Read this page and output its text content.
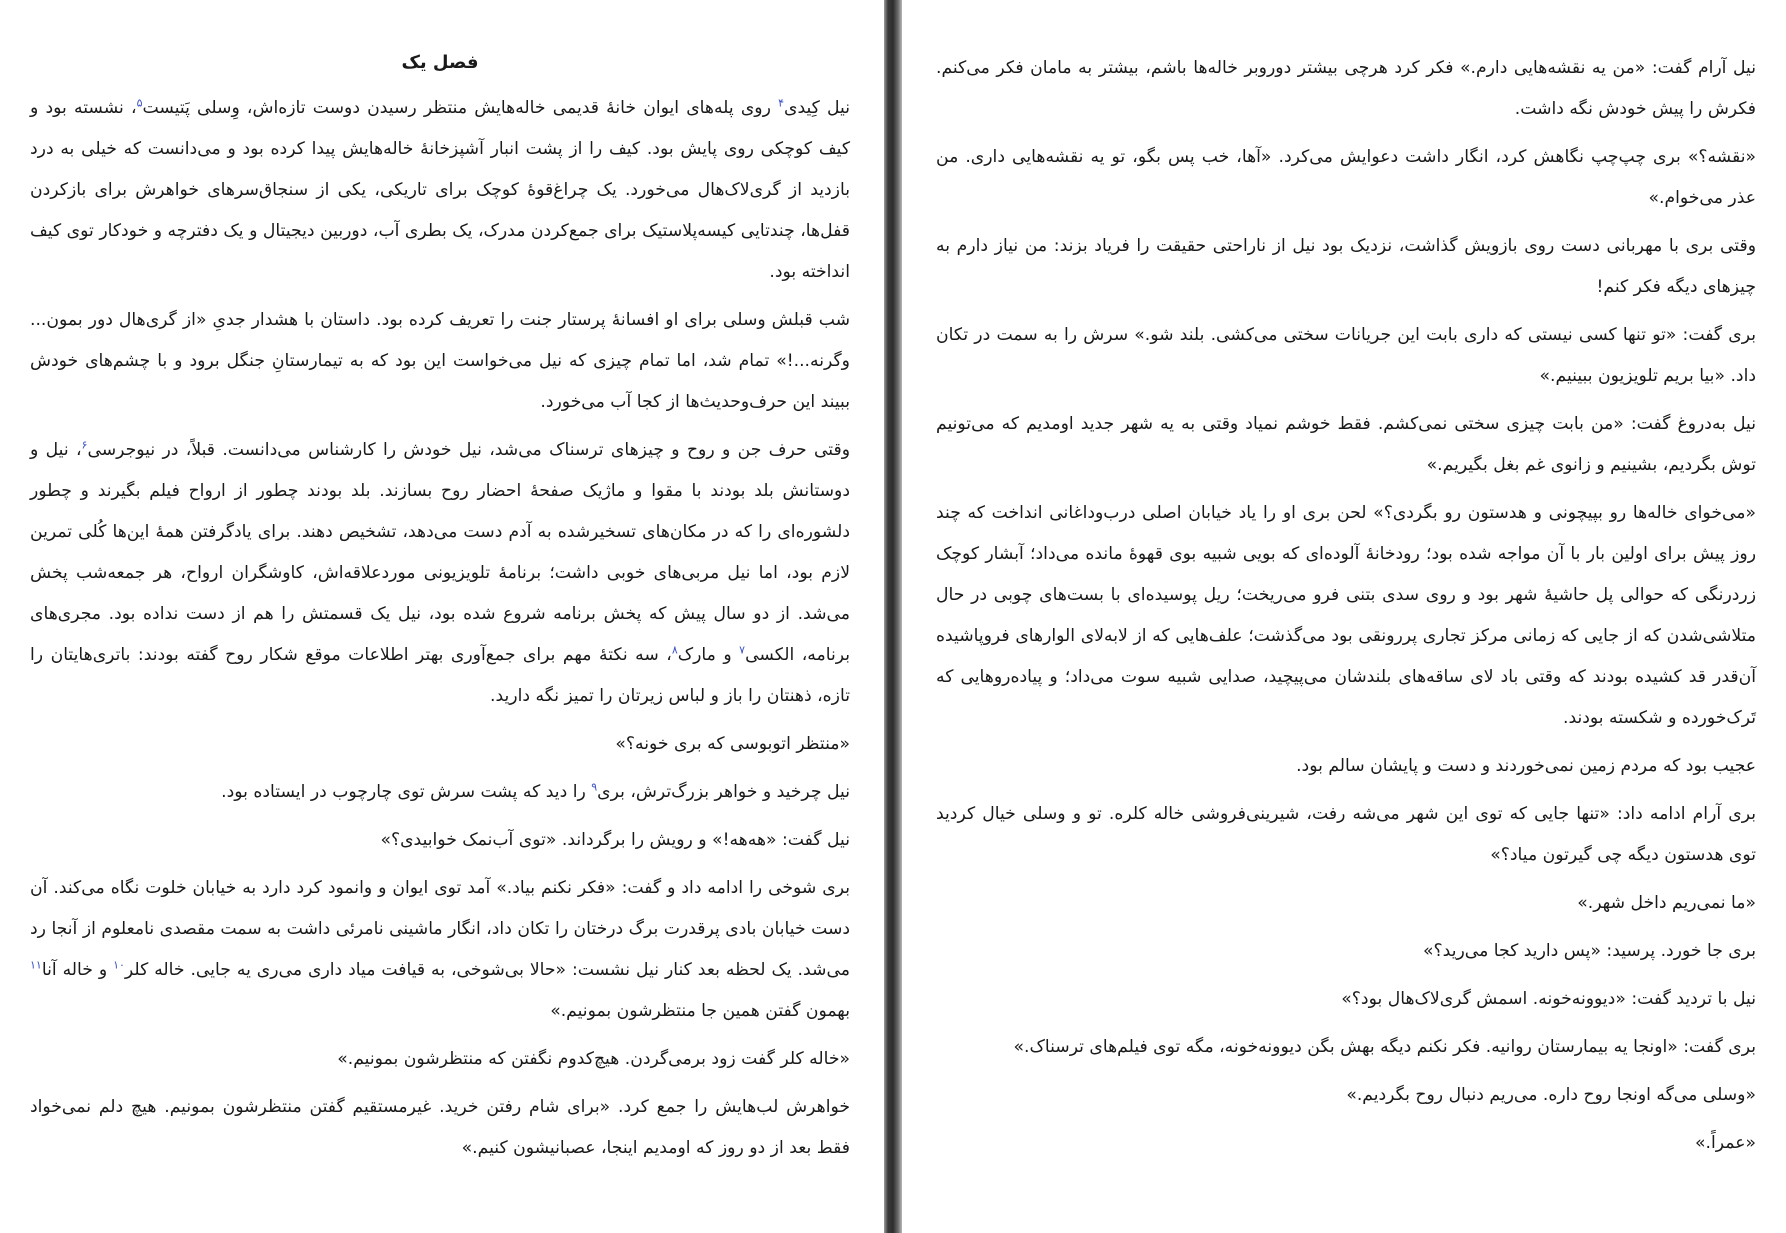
فصل یک

نیل کِیدی$^۴$ روی پله‌های ایوان خانهٔ قدیمی خاله‌هایش منتظر رسیدن دوست تازه‌اش، وِسلی پَتیست$^۵$، نشسته بود و کیف کوچکی روی پایش بود. کیف را از پشت انبار آشپزخانهٔ خاله‌هایش پیدا کرده بود و می‌دانست که خیلی به درد بازدید از گری‌لاک‌هال می‌خورد. یک چراغ‌قوهٔ کوچک برای تاریکی، یکی از سنجاق‌سرهای خواهرش برای بازکردن قفل‌ها، چندتایی کیسه‌پلاستیک برای جمع‌کردن مدرک، یک بطری آب، دوربین دیجیتال و یک دفترچه و خودکار توی کیف انداخته بود.

شب قبلش وسلی برای او افسانهٔ پرستار جنت را تعریف کرده بود. داستان با هشدار جدیِ «از گری‌هال دور بمون... وگرنه...!» تمام شد، اما تمام چیزی که نیل می‌خواست این بود که به تیمارستانِ جنگل برود و با چشم‌های خودش ببیند این حرف‌وحدیث‌ها از کجا آب می‌خورد.

وقتی حرف جن و روح و چیزهای ترسناک می‌شد، نیل خودش را کارشناس می‌دانست. قبلاً، در نیوجرسی$^۶$، نیل و دوستانش بلد بودند با مقوا و ماژیک صفحهٔ احضار روح بسازند. بلد بودند چطور از ارواح فیلم بگیرند و چطور دلشوره‌ای را که در مکان‌های تسخیرشده به آدم دست می‌دهد، تشخیص دهند. برای یادگرفتن همهٔ این‌ها کُلی تمرین لازم بود، اما نیل مربی‌های خوبی داشت؛ برنامهٔ تلویزیونی موردعلاقه‌اش، کاوشگران ارواح، هر جمعه‌شب پخش می‌شد. از دو سال پیش که پخش برنامه شروع شده بود، نیل یک قسمتش را هم از دست نداده بود. مجری‌های برنامه، الکسی$^۷$ و مارک$^۸$، سه نکتهٔ مهم برای جمع‌آوری بهتر اطلاعات موقع شکار روح گفته بودند: باتری‌هایتان را تازه، ذهنتان را باز و لباس زیرتان را تمیز نگه دارید.

«منتظر اتوبوسی که بری خونه؟»

نیل چرخید و خواهر بزرگ‌ترش، بری$^۹$ را دید که پشت سرش توی چارچوب در ایستاده بود.

نیل گفت: «هه‌هه!» و رویش را برگرداند. «توی آب‌نمک خوابیدی؟»

بری شوخی را ادامه داد و گفت: «فکر نکنم بیاد.» آمد توی ایوان و وانمود کرد دارد به خیابان خلوت نگاه می‌کند. آن دست خیابان بادی پرقدرت برگ درختان را تکان داد، انگار ماشینی نامرئی داشت به سمت مقصدی نامعلوم از آنجا رد می‌شد. یک لحظه بعد کنار نیل نشست: «حالا بی‌شوخی، به قیافت میاد داری می‌ری یه جایی. خاله کلر$^{۱۰}$ و خاله آنا$^{۱۱}$ بهمون گفتن همین جا منتظرشون بمونیم.»

«خاله کلر گفت زود برمی‌گردن. هیچ‌کدوم نگفتن که منتظرشون بمونیم.»

خواهرش لب‌هایش را جمع کرد. «برای شام رفتن خرید. غیرمستقیم گفتن منتظرشون بمونیم. هیچ دلم نمی‌خواد فقط بعد از دو روز که اومدیم اینجا، عصبانیشون کنیم.»

نیل آرام گفت: «من یه نقشه‌هایی دارم.» فکر کرد هرچی بیشتر دوروبر خاله‌ها باشم، بیشتر به مامان فکر می‌کنم. فکرش را پیش خودش نگه داشت.

«نقشه؟» بری چپ‌چپ نگاهش کرد، انگار داشت دعوایش می‌کرد. «آها، خب پس بگو، تو یه نقشه‌هایی داری. من عذر می‌خوام.»

وقتی بری با مهربانی دست روی بازویش گذاشت، نزدیک بود نیل از ناراحتی حقیقت را فریاد بزند: من نیاز دارم به چیزهای دیگه فکر کنم!

بری گفت: «تو تنها کسی نیستی که داری بابت این جریانات سختی می‌کشی. بلند شو.» سرش را به سمت در تکان داد. «بیا بریم تلویزیون ببینیم.»

نیل به‌دروغ گفت: «من بابت چیزی سختی نمی‌کشم. فقط خوشم نمیاد وقتی به یه شهر جدید اومدیم که می‌تونیم توش بگردیم، بشینیم و زانوی غم بغل بگیریم.»

«می‌خوای خاله‌ها رو بپیچونی و هدستون رو بگردی؟» لحن بری او را یاد خیابان اصلی درب‌وداغانی انداخت که چند روز پیش برای اولین بار با آن مواجه شده بود؛ رودخانهٔ آلوده‌ای که بویی شبیه بوی قهوهٔ مانده می‌داد؛ آبشار کوچک زردرنگی که حوالی پل حاشیهٔ شهر بود و روی سدی بتنی فرو می‌ریخت؛ ریل پوسیده‌ای با بست‌های چوبی در حال متلاشی‌شدن که از جایی که زمانی مرکز تجاری پررونقی بود می‌گذشت؛ علف‌هایی که از لابه‌لای الوارهای فروپاشیده آن‌قدر قد کشیده بودند که وقتی باد لای ساقه‌های بلندشان می‌پیچید، صدایی شبیه سوت می‌داد؛ و پیاده‌روهایی که تَرک‌خورده و شکسته بودند.

عجیب بود که مردم زمین نمی‌خوردند و دست و پایشان سالم بود.

بری آرام ادامه داد: «تنها جایی که توی این شهر می‌شه رفت، شیرینی‌فروشی خاله کلره. تو و وسلی خیال کردید توی هدستون دیگه چی گیرتون میاد؟»

«ما نمی‌ریم داخل شهر.»

بری جا خورد. پرسید: «پس دارید کجا می‌رید؟»

نیل با تردید گفت: «دیوونه‌خونه. اسمش گری‌لاک‌هال بود؟»

بری گفت: «اونجا یه بیمارستان روانیه. فکر نکنم دیگه بهش بگن دیوونه‌خونه، مگه توی فیلم‌های ترسناک.»

«وسلی می‌گه اونجا روح داره. می‌ریم دنبال روح بگردیم.»

«عمراً.»
